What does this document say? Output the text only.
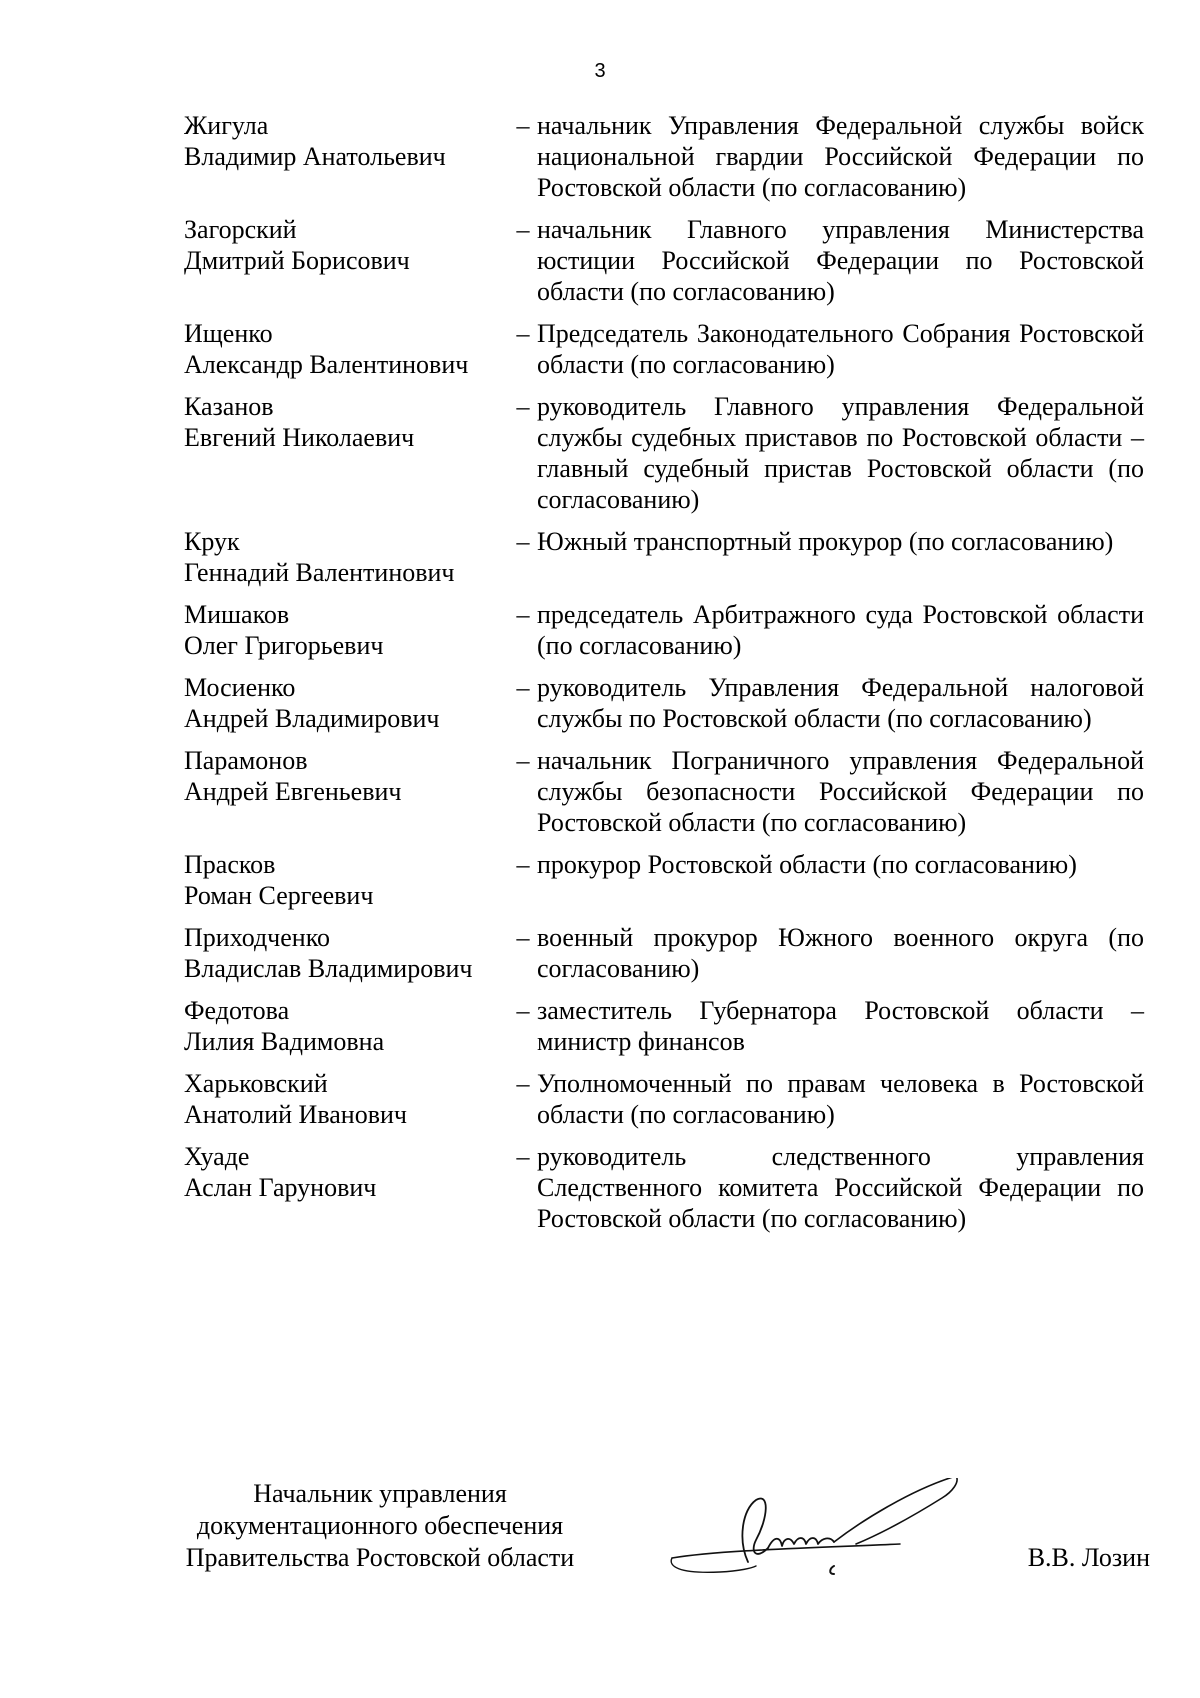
3
Жигула
Владимир Анатольевич
– начальник Управления Федеральной службы войск национальной гвардии Российской Федерации по Ростовской области (по согласованию)
Загорский
Дмитрий Борисович
– начальник Главного управления Министерства юстиции Российской Федерации по Ростовской области (по согласованию)
Ищенко
Александр Валентинович
– Председатель Законодательного Собрания Ростовской области (по согласованию)
Казанов
Евгений Николаевич
– руководитель Главного управления Федеральной службы судебных приставов по Ростовской области – главный судебный пристав Ростовской области (по согласованию)
Крук
Геннадий Валентинович
– Южный транспортный прокурор (по согласованию)
Мишаков
Олег Григорьевич
– председатель Арбитражного суда Ростовской области (по согласованию)
Мосиенко
Андрей Владимирович
– руководитель Управления Федеральной налоговой службы по Ростовской области (по согласованию)
Парамонов
Андрей Евгеньевич
– начальник Пограничного управления Федеральной службы безопасности Российской Федерации по Ростовской области (по согласованию)
Прасков
Роман Сергеевич
– прокурор Ростовской области (по согласованию)
Приходченко
Владислав Владимирович
– военный прокурор Южного военного округа (по согласованию)
Федотова
Лилия Вадимовна
– заместитель Губернатора Ростовской области – министр финансов
Харьковский
Анатолий Иванович
– Уполномоченный по правам человека в Ростовской области (по согласованию)
Хуаде
Аслан Гарунович
– руководитель следственного управления Следственного комитета Российской Федерации по Ростовской области (по согласованию)
Начальник управления
документационного обеспечения
Правительства Ростовской области	В.В. Лозин
